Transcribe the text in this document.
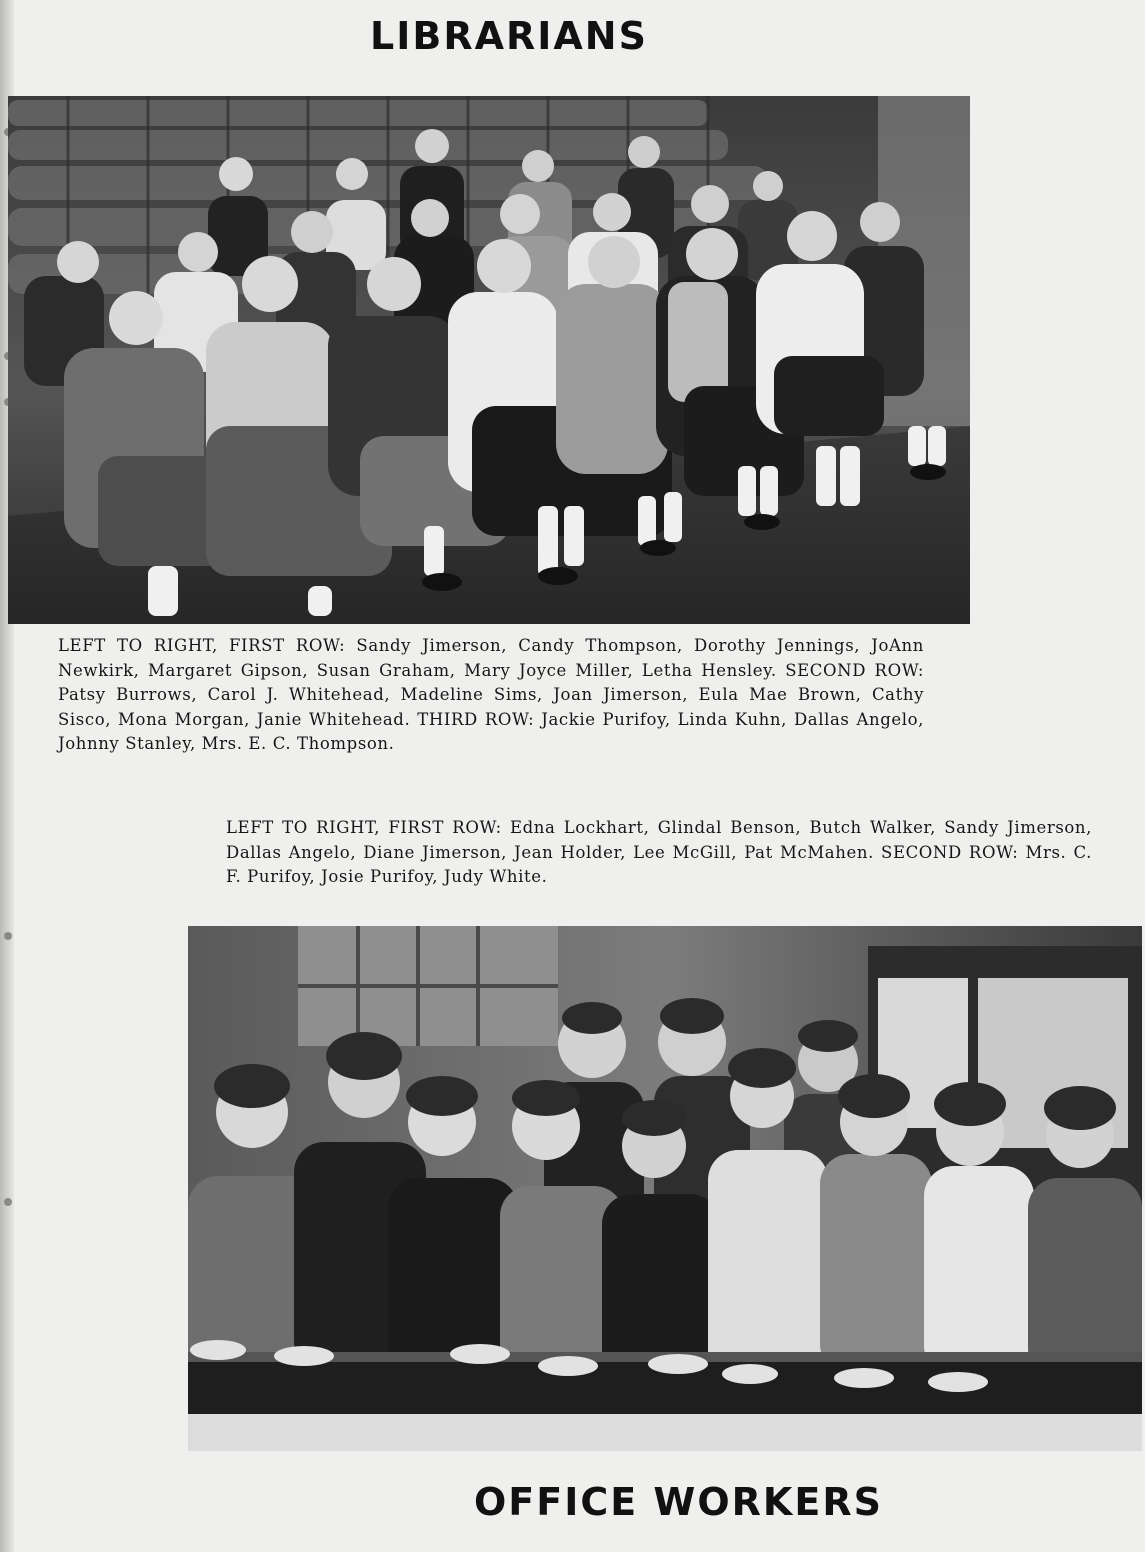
LIBRARIANS

LEFT TO RIGHT, FIRST ROW: Sandy Jimerson, Candy Thompson, Dorothy Jennings, JoAnn Newkirk, Margaret Gipson, Susan Graham, Mary Joyce Miller, Letha Hensley. SECOND ROW: Patsy Burrows, Carol J. Whitehead, Madeline Sims, Joan Jimerson, Eula Mae Brown, Cathy Sisco, Mona Morgan, Janie Whitehead. THIRD ROW: Jackie Purifoy, Linda Kuhn, Dallas Angelo, Johnny Stanley, Mrs. E. C. Thompson.

LEFT TO RIGHT, FIRST ROW: Edna Lockhart, Glindal Benson, Butch Walker, Sandy Jimerson, Dallas Angelo, Diane Jimerson, Jean Holder, Lee McGill, Pat McMahen. SECOND ROW: Mrs. C. F. Purifoy, Josie Purifoy, Judy White.

OFFICE WORKERS
